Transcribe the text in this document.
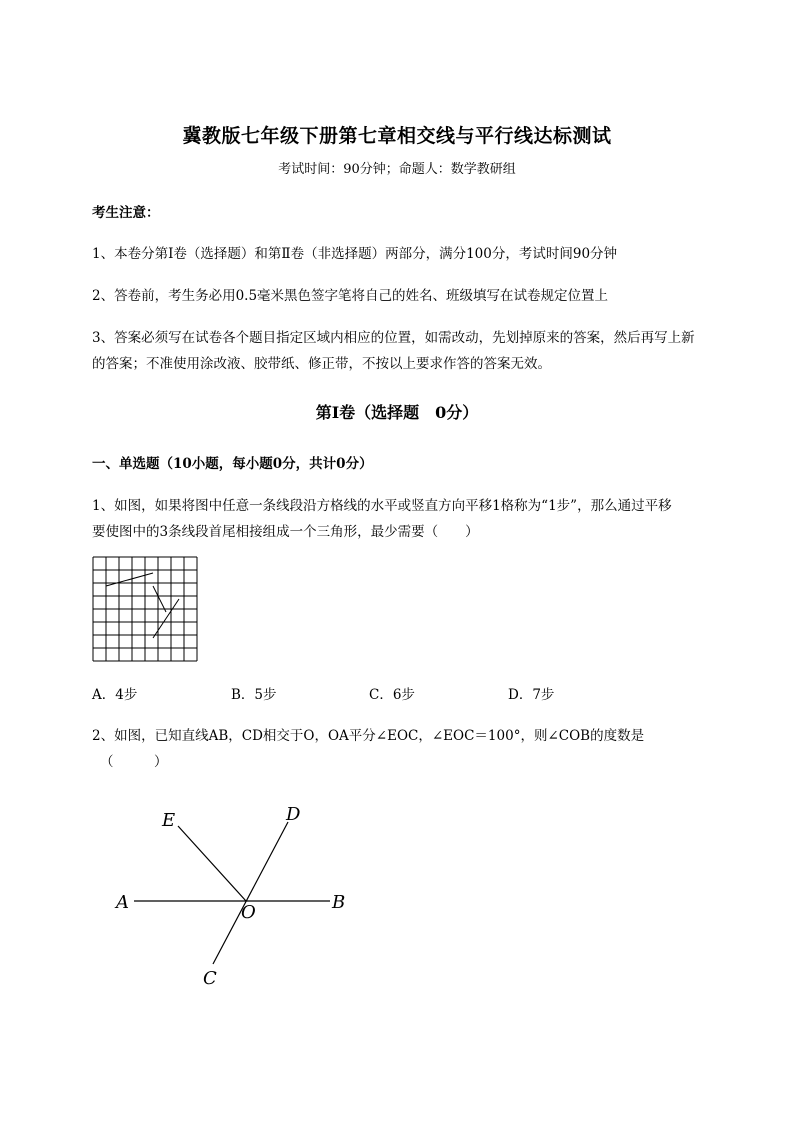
冀教版七年级下册第七章相交线与平行线达标测试
考试时间：90分钟；命题人：数学教研组
考生注意：
1、本卷分第I卷（选择题）和第Ⅱ卷（非选择题）两部分，满分100分，考试时间90分钟
2、答卷前，考生务必用0.5毫米黑色签字笔将自己的姓名、班级填写在试卷规定位置上
3、答案必须写在试卷各个题目指定区域内相应的位置，如需改动，先划掉原来的答案，然后再写上新
的答案；不准使用涂改液、胶带纸、修正带，不按以上要求作答的答案无效。
第I卷（选择题　0分）
一、单选题（10小题，每小题0分，共计0分）
1、如图，如果将图中任意一条线段沿方格线的水平或竖直方向平移1格称为“1步”，那么通过平移
要使图中的3条线段首尾相接组成一个三角形，最少需要（　　）
A．4步	B．5步	C．6步	D．7步
2、如图，已知直线AB，CD相交于O，OA平分∠EOC，∠EOC＝100°，则∠COB的度数是
（　　　）
E	D
A	O	B
C
